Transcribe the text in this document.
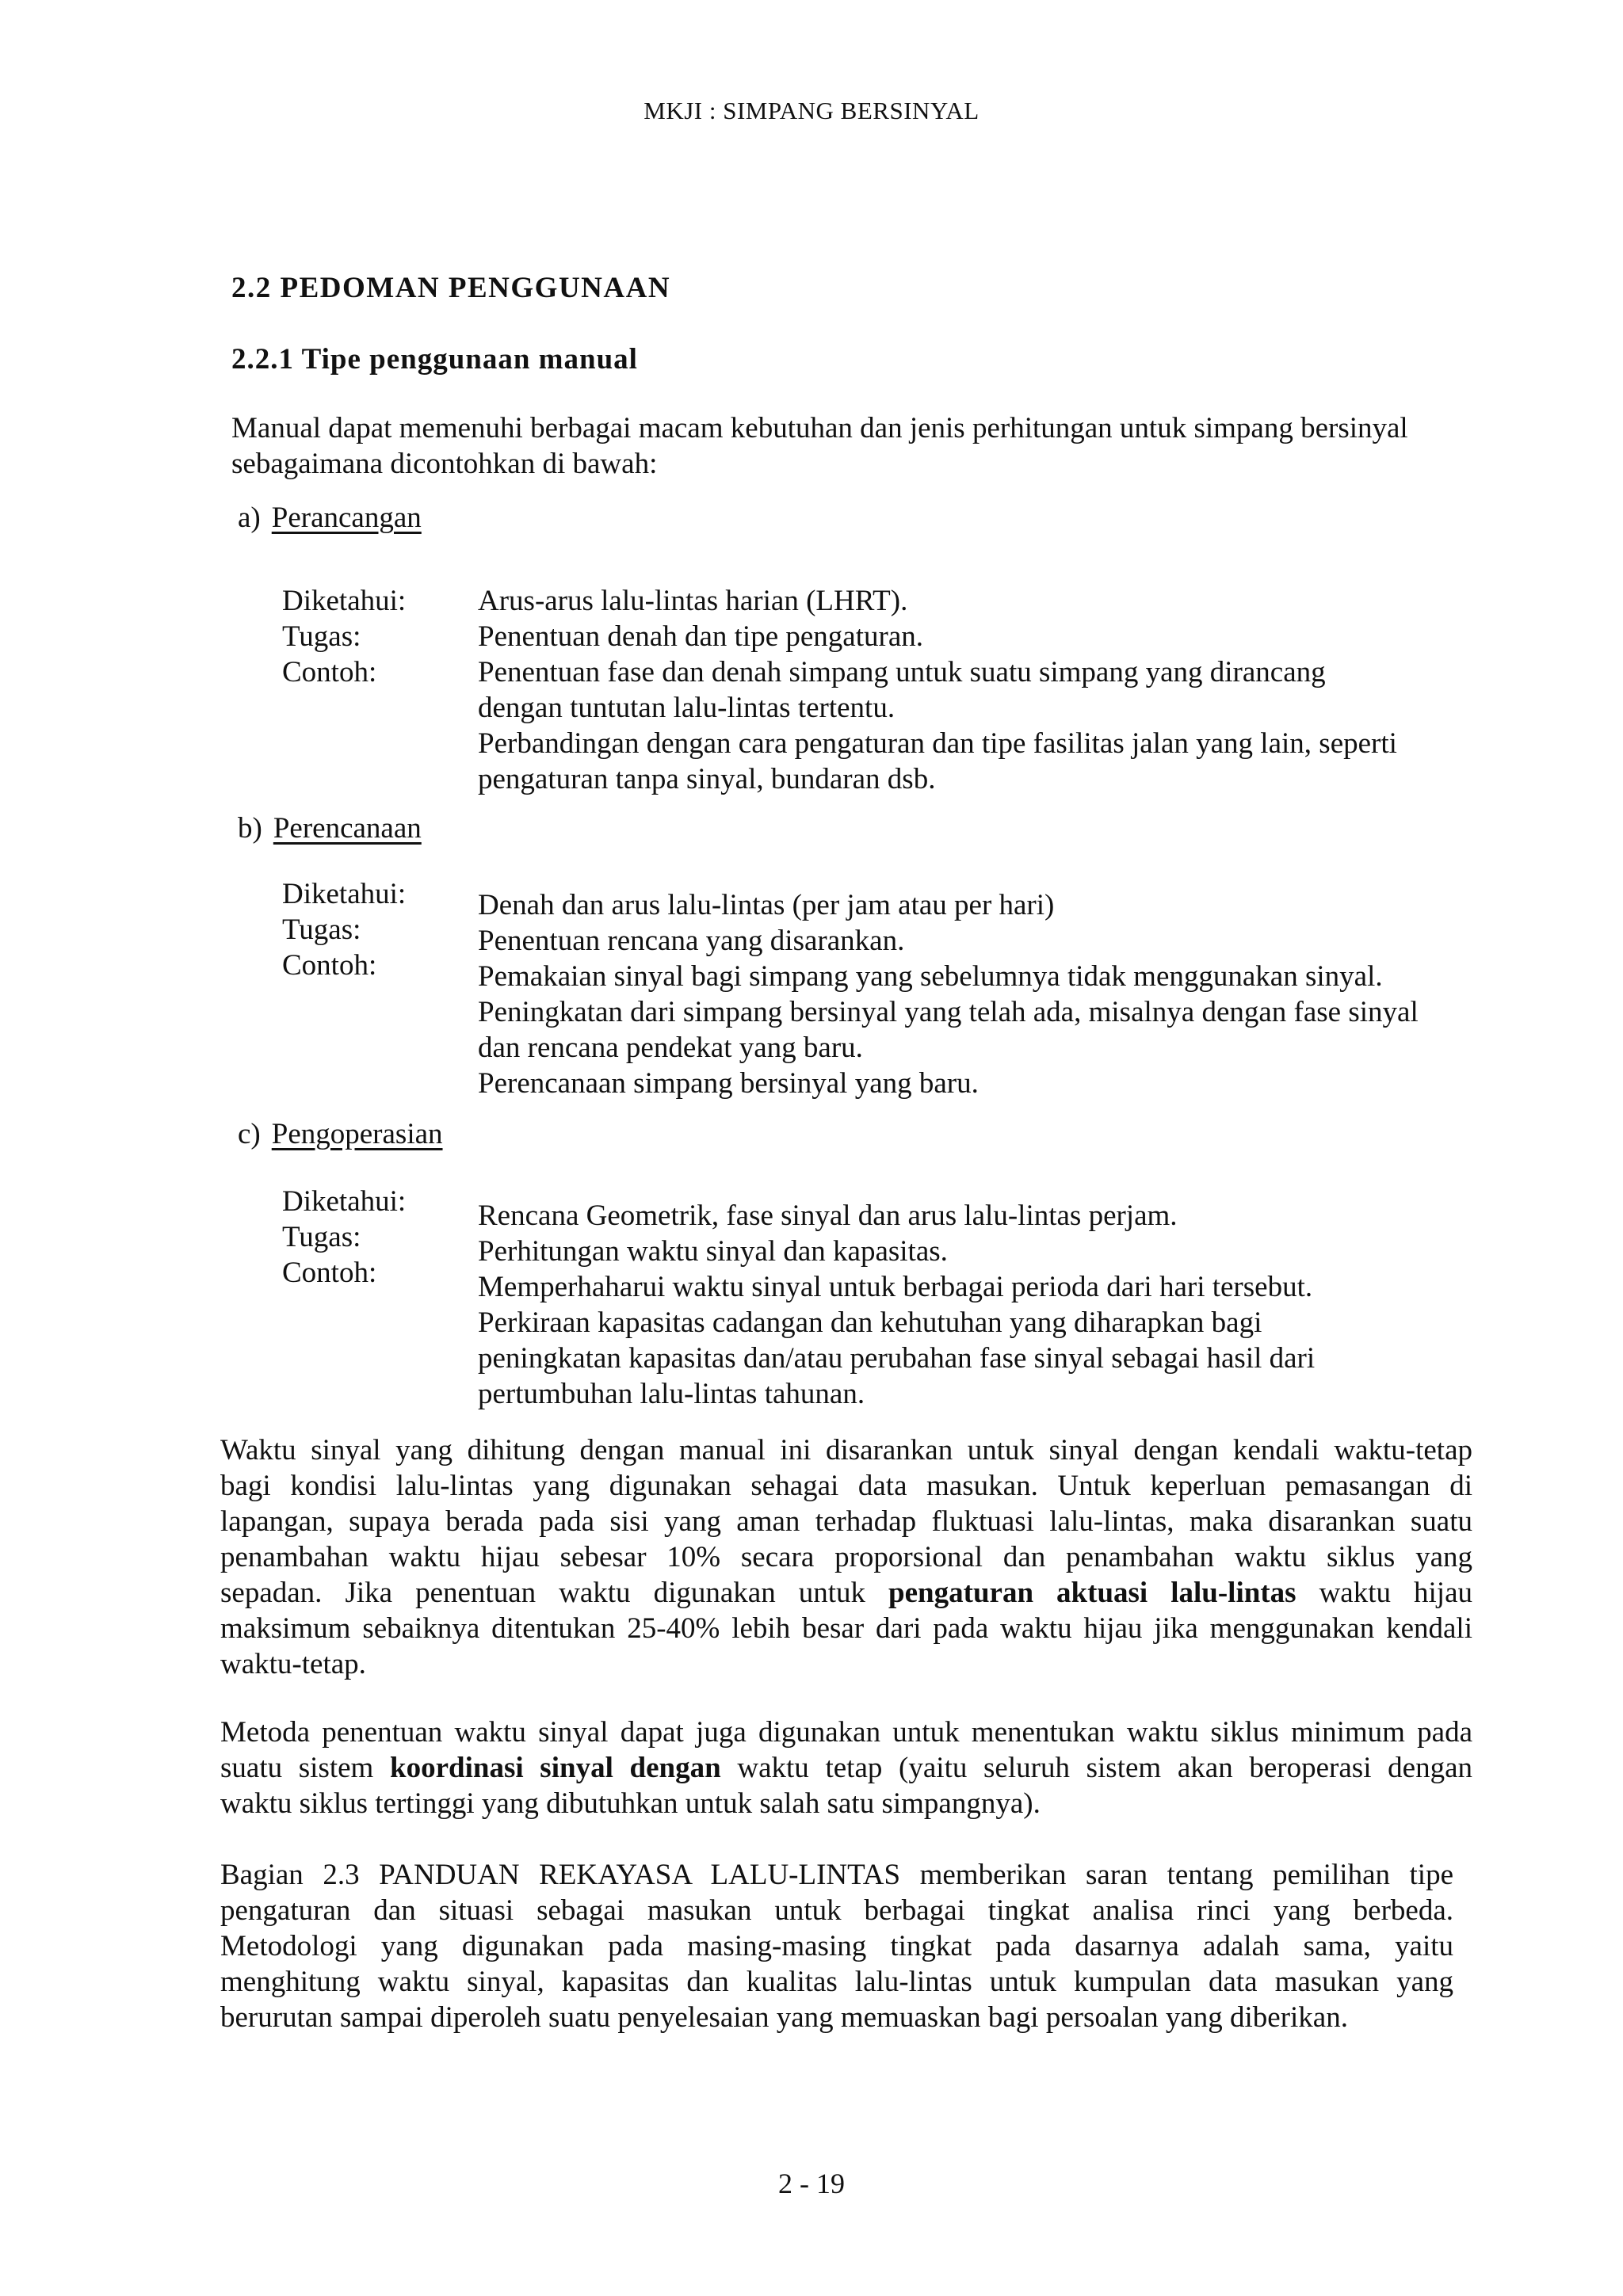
MKJI : SIMPANG BERSINYAL
2.2 PEDOMAN PENGGUNAAN
2.2.1 Tipe penggunaan manual
Manual dapat memenuhi berbagai macam kebutuhan dan jenis perhitungan untuk simpang bersinyal
sebagaimana dicontohkan di bawah:
a) Perancangan
Diketahui:
Tugas:
Contoh:
Arus-arus lalu-lintas harian (LHRT).
Penentuan denah dan tipe pengaturan.
Penentuan fase dan denah simpang untuk suatu simpang yang dirancang
dengan tuntutan lalu-lintas tertentu.
Perbandingan dengan cara pengaturan dan tipe fasilitas jalan yang lain, seperti
pengaturan tanpa sinyal, bundaran dsb.
b) Perencanaan
Diketahui:
Tugas:
Contoh:
Denah dan arus lalu-lintas (per jam atau per hari)
Penentuan rencana yang disarankan.
Pemakaian sinyal bagi simpang yang sebelumnya tidak menggunakan sinyal.
Peningkatan dari simpang bersinyal yang telah ada, misalnya dengan fase sinyal
dan rencana pendekat yang baru.
Perencanaan simpang bersinyal yang baru.
c) Pengoperasian
Diketahui:
Tugas:
Contoh:
Rencana Geometrik, fase sinyal dan arus lalu-lintas perjam.
Perhitungan waktu sinyal dan kapasitas.
Memperhaharui waktu sinyal untuk berbagai perioda dari hari tersebut.
Perkiraan kapasitas cadangan dan kehutuhan yang diharapkan bagi
peningkatan kapasitas dan/atau perubahan fase sinyal sebagai hasil dari
pertumbuhan lalu-lintas tahunan.
Waktu sinyal yang dihitung dengan manual ini disarankan untuk sinyal dengan kendali waktu-tetap
bagi kondisi lalu-lintas yang digunakan sehagai data masukan. Untuk keperluan pemasangan di
lapangan, supaya berada pada sisi yang aman terhadap fluktuasi lalu-lintas, maka disarankan suatu
penambahan waktu hijau sebesar 10% secara proporsional dan penambahan waktu siklus yang
sepadan. Jika penentuan waktu digunakan untuk pengaturan aktuasi lalu-lintas waktu hijau
maksimum sebaiknya ditentukan 25-40% lebih besar dari pada waktu hijau jika menggunakan kendali
waktu-tetap.
Metoda penentuan waktu sinyal dapat juga digunakan untuk menentukan waktu siklus minimum pada
suatu sistem koordinasi sinyal dengan waktu tetap (yaitu seluruh sistem akan beroperasi dengan
waktu siklus tertinggi yang dibutuhkan untuk salah satu simpangnya).
Bagian 2.3 PANDUAN REKAYASA LALU-LINTAS memberikan saran tentang pemilihan tipe
pengaturan dan situasi sebagai masukan untuk berbagai tingkat analisa rinci yang berbeda.
Metodologi yang digunakan pada masing-masing tingkat pada dasarnya adalah sama, yaitu
menghitung waktu sinyal, kapasitas dan kualitas lalu-lintas untuk kumpulan data masukan yang
berurutan sampai diperoleh suatu penyelesaian yang memuaskan bagi persoalan yang diberikan.
2 - 19
